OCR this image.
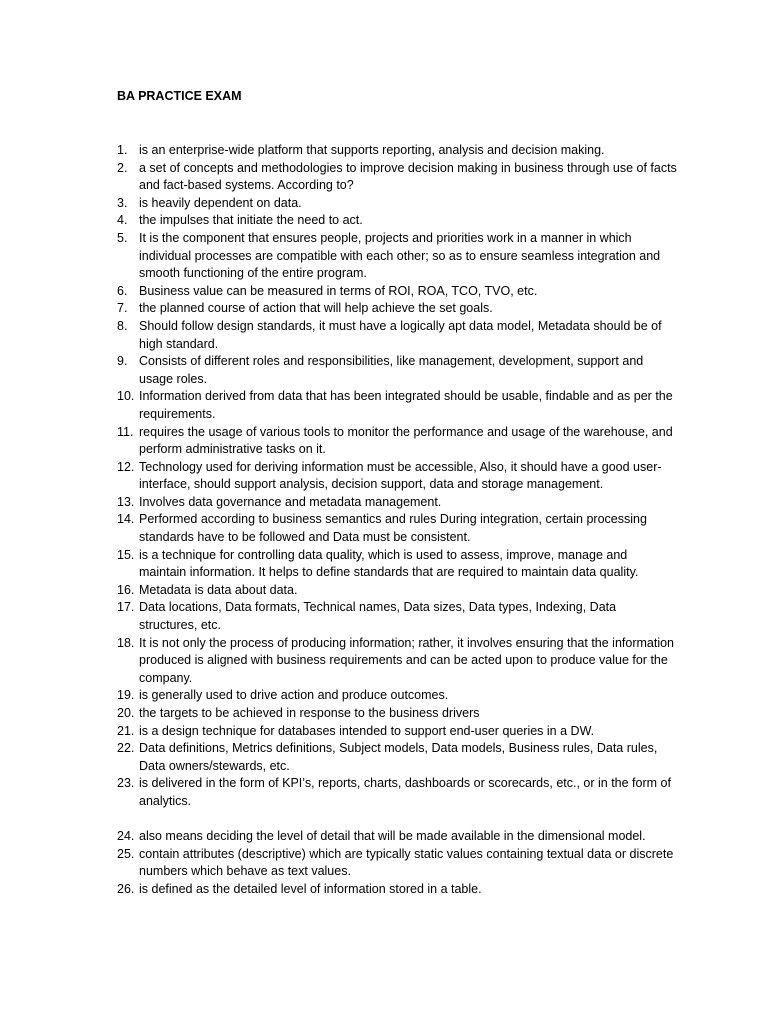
BA PRACTICE EXAM
1. is an enterprise-wide platform that supports reporting, analysis and decision making.
2. a set of concepts and methodologies to improve decision making in business through use of facts and fact-based systems. According to?
3. is heavily dependent on data.
4. the impulses that initiate the need to act.
5. It is the component that ensures people, projects and priorities work in a manner in which individual processes are compatible with each other; so as to ensure seamless integration and smooth functioning of the entire program.
6. Business value can be measured in terms of ROI, ROA, TCO, TVO, etc.
7. the planned course of action that will help achieve the set goals.
8. Should follow design standards, it must have a logically apt data model, Metadata should be of high standard.
9. Consists of different roles and responsibilities, like management, development, support and usage roles.
10. Information derived from data that has been integrated should be usable, findable and as per the requirements.
11. requires the usage of various tools to monitor the performance and usage of the warehouse, and perform administrative tasks on it.
12. Technology used for deriving information must be accessible, Also, it should have a good user-interface, should support analysis, decision support, data and storage management.
13. Involves data governance and metadata management.
14. Performed according to business semantics and rules During integration, certain processing standards have to be followed and Data must be consistent.
15. is a technique for controlling data quality, which is used to assess, improve, manage and maintain information. It helps to define standards that are required to maintain data quality.
16. Metadata is data about data.
17. Data locations, Data formats, Technical names, Data sizes, Data types, Indexing, Data structures, etc.
18. It is not only the process of producing information; rather, it involves ensuring that the information produced is aligned with business requirements and can be acted upon to produce value for the company.
19. is generally used to drive action and produce outcomes.
20. the targets to be achieved in response to the business drivers
21. is a design technique for databases intended to support end-user queries in a DW.
22. Data definitions, Metrics definitions, Subject models, Data models, Business rules, Data rules, Data owners/stewards, etc.
23. is delivered in the form of KPI’s, reports, charts, dashboards or scorecards, etc., or in the form of analytics.
24. also means deciding the level of detail that will be made available in the dimensional model.
25. contain attributes (descriptive) which are typically static values containing textual data or discrete numbers which behave as text values.
26. is defined as the detailed level of information stored in a table.
